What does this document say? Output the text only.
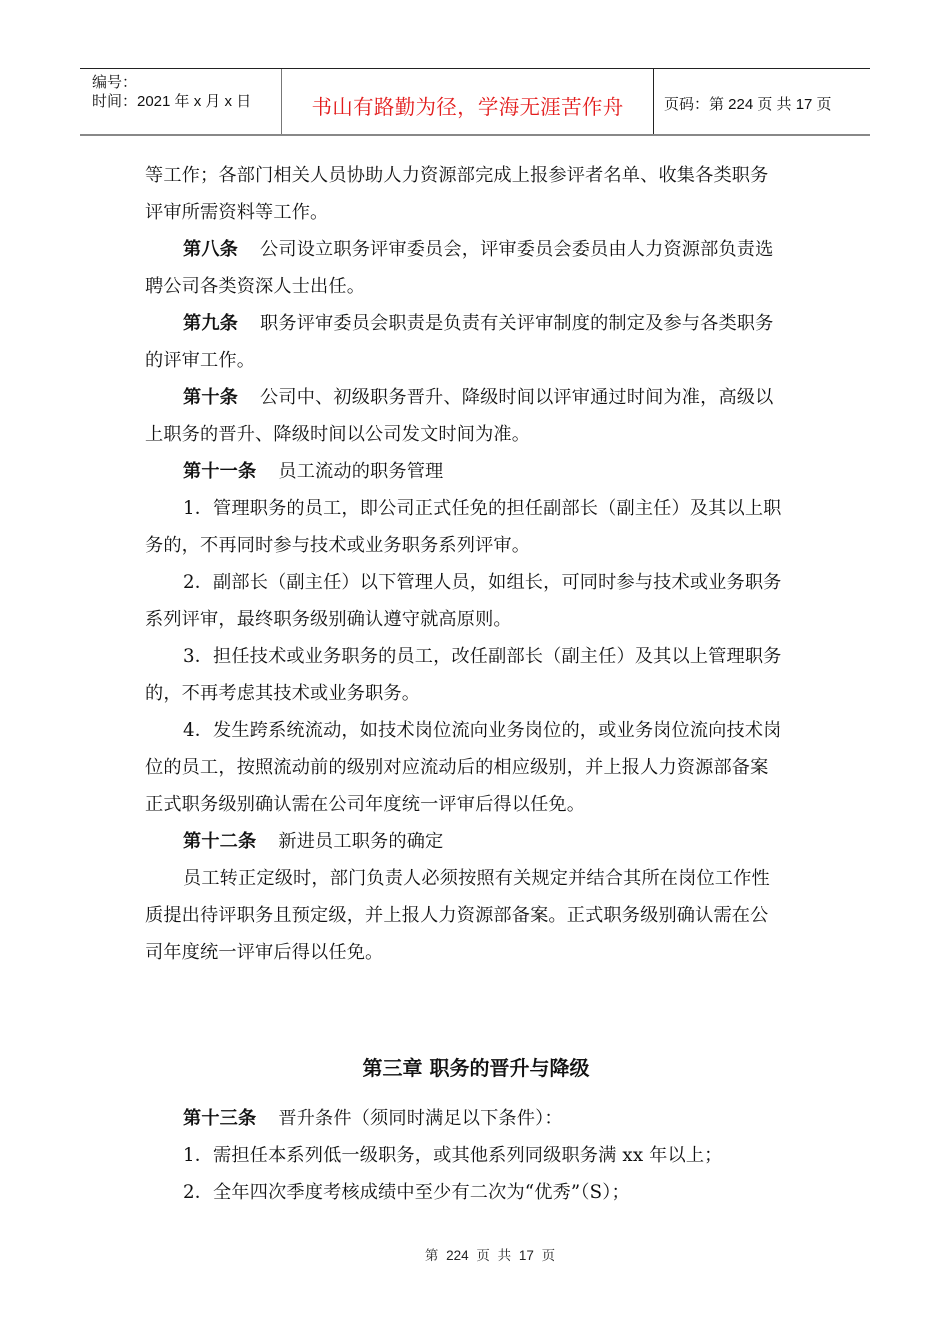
编号：
时间：2021 年 x 月 x 日	书山有路勤为径，学海无涯苦作舟	页码：第 224 页 共 17 页

等工作；各部门相关人员协助人力资源部完成上报参评者名单、收集各类职务

评审所需资料等工作。

第八条 公司设立职务评审委员会，评审委员会委员由人力资源部负责选

聘公司各类资深人士出任。

第九条 职务评审委员会职责是负责有关评审制度的制定及参与各类职务

的评审工作。

第十条 公司中、初级职务晋升、降级时间以评审通过时间为准，高级以

上职务的晋升、降级时间以公司发文时间为准。

第十一条 员工流动的职务管理

1．管理职务的员工，即公司正式任免的担任副部长（副主任）及其以上职

务的，不再同时参与技术或业务职务系列评审。

2．副部长（副主任）以下管理人员，如组长，可同时参与技术或业务职务

系列评审，最终职务级别确认遵守就高原则。

3．担任技术或业务职务的员工，改任副部长（副主任）及其以上管理职务

的，不再考虑其技术或业务职务。

4．发生跨系统流动，如技术岗位流向业务岗位的，或业务岗位流向技术岗

位的员工，按照流动前的级别对应流动后的相应级别，并上报人力资源部备案

正式职务级别确认需在公司年度统一评审后得以任免。

第十二条 新进员工职务的确定

员工转正定级时，部门负责人必须按照有关规定并结合其所在岗位工作性

质提出待评职务且预定级，并上报人力资源部备案。正式职务级别确认需在公

司年度统一评审后得以任免。

第三章 职务的晋升与降级

第十三条 晋升条件（须同时满足以下条件）：

1．需担任本系列低一级职务，或其他系列同级职务满 xx 年以上；

2．全年四次季度考核成绩中至少有二次为“优秀”（S）；

第 224 页 共 17 页
